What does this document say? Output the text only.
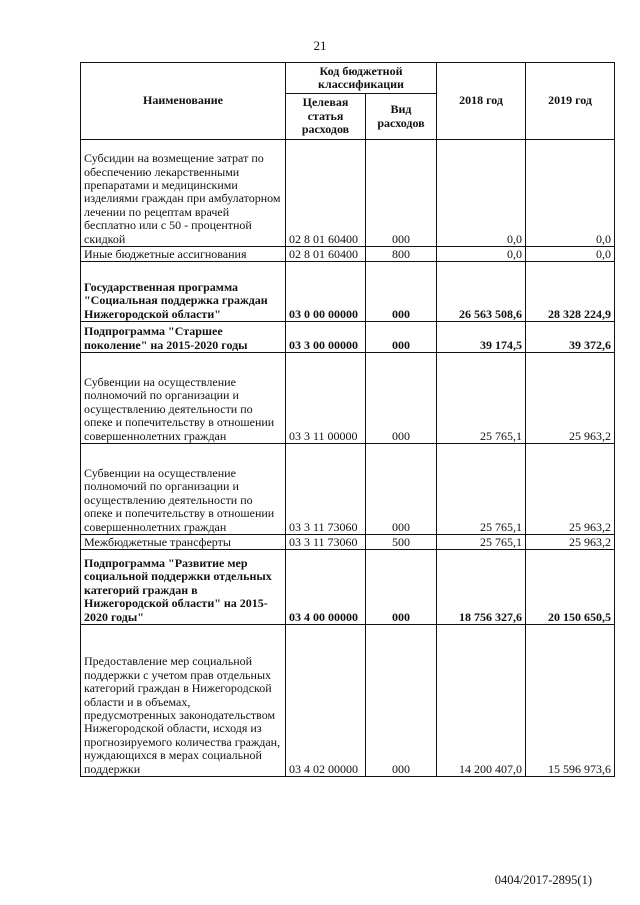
21
Наименование	Код бюджетной классификации		2018 год	2019 год
	Целевая статья расходов	Вид расходов		
Субсидии на возмещение затрат по обеспечению лекарственными препаратами и медицинскими изделиями граждан при амбулаторном лечении по рецептам врачей бесплатно или с 50 - процентной скидкой	02 8 01 60400	000	0,0	0,0
Иные бюджетные ассигнования	02 8 01 60400	800	0,0	0,0
Государственная программа "Социальная поддержка граждан Нижегородской области"	03 0 00 00000	000	26 563 508,6	28 328 224,9
Подпрограмма "Старшее поколение" на 2015-2020 годы	03 3 00 00000	000	39 174,5	39 372,6
Субвенции на осуществление полномочий по организации и осуществлению деятельности по опеке и попечительству в отношении совершеннолетних граждан	03 3 11 00000	000	25 765,1	25 963,2
Субвенции на осуществление полномочий по организации и осуществлению деятельности по опеке и попечительству в отношении совершеннолетних граждан	03 3 11 73060	000	25 765,1	25 963,2
Межбюджетные трансферты	03 3 11 73060	500	25 765,1	25 963,2
Подпрограмма "Развитие мер социальной поддержки отдельных категорий граждан в Нижегородской области" на 2015-2020 годы"	03 4 00 00000	000	18 756 327,6	20 150 650,5
Предоставление мер социальной поддержки с учетом прав отдельных категорий граждан в Нижегородской области и в объемах, предусмотренных законодательством Нижегородской области, исходя из прогнозируемого количества граждан, нуждающихся в мерах социальной поддержки	03 4 02 00000	000	14 200 407,0	15 596 973,6
0404/2017-2895(1)
